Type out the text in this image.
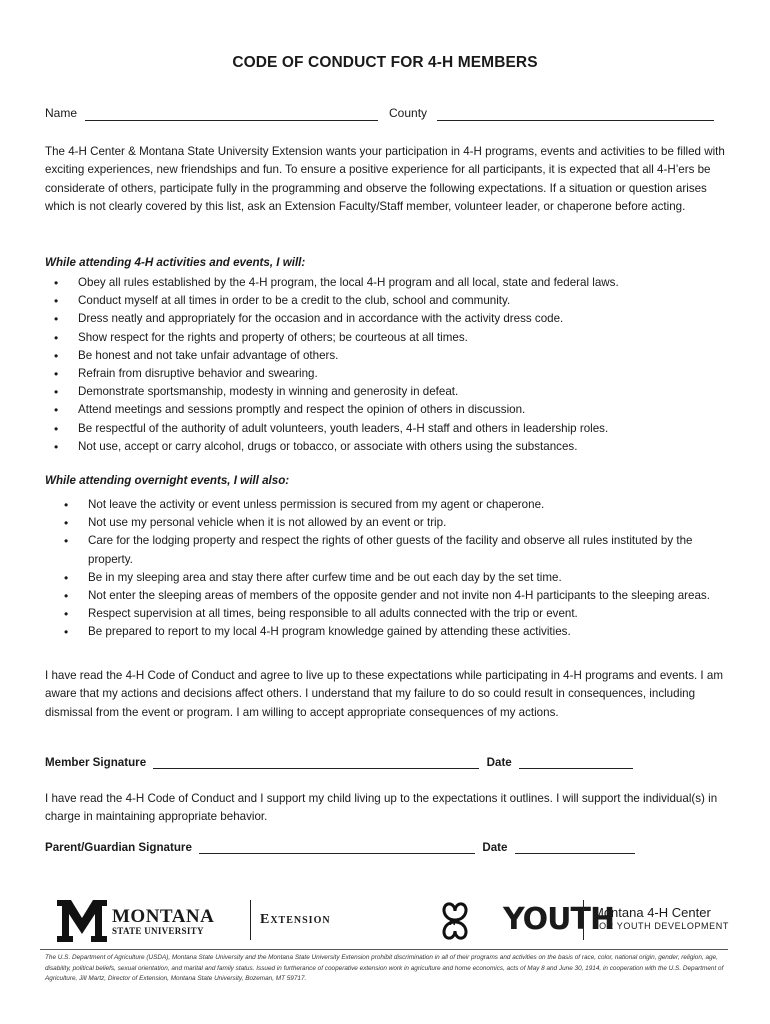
CODE OF CONDUCT FOR 4-H MEMBERS
Name	County
The 4-H Center & Montana State University Extension wants your participation in 4-H programs, events and activities to be filled with exciting experiences, new friendships and fun. To ensure a positive experience for all participants, it is expected that all 4-H’ers be considerate of others, participate fully in the programming and observe the following expectations. If a situation or question arises which is not clearly covered by this list, ask an Extension Faculty/Staff member, volunteer leader, or chaperone before acting.
While attending 4-H activities and events, I will:
• Obey all rules established by the 4-H program, the local 4-H program and all local, state and federal laws.
• Conduct myself at all times in order to be a credit to the club, school and community.
• Dress neatly and appropriately for the occasion and in accordance with the activity dress code.
• Show respect for the rights and property of others; be courteous at all times.
• Be honest and not take unfair advantage of others.
• Refrain from disruptive behavior and swearing.
• Demonstrate sportsmanship, modesty in winning and generosity in defeat.
• Attend meetings and sessions promptly and respect the opinion of others in discussion.
• Be respectful of the authority of adult volunteers, youth leaders, 4-H staff and others in leadership roles.
• Not use, accept or carry alcohol, drugs or tobacco, or associate with others using the substances.
While attending overnight events, I will also:
• Not leave the activity or event unless permission is secured from my agent or chaperone.
• Not use my personal vehicle when it is not allowed by an event or trip.
• Care for the lodging property and respect the rights of other guests of the facility and observe all rules instituted by the property.
• Be in my sleeping area and stay there after curfew time and be out each day by the set time.
• Not enter the sleeping areas of members of the opposite gender and not invite non 4-H participants to the sleeping areas.
• Respect supervision at all times, being responsible to all adults connected with the trip or event.
• Be prepared to report to my local 4-H program knowledge gained by attending these activities.
I have read the 4-H Code of Conduct and agree to live up to these expectations while participating in 4-H programs and events. I am aware that my actions and decisions affect others. I understand that my failure to do so could result in consequences, including dismissal from the event or program. I am willing to accept appropriate consequences of my actions.
Member Signature	Date
I have read the 4-H Code of Conduct and I support my child living up to the expectations it outlines. I will support the individual(s) in charge in maintaining appropriate behavior.
Parent/Guardian Signature	Date
MONTANA
STATE UNIVERSITY
Extension	H YOUTH
Montana 4-H Center
FOR YOUTH DEVELOPMENT
The U.S. Department of Agriculture (USDA), Montana State University and the Montana State University Extension prohibit discrimination in all of their programs and activities on the basis of race, color, national origin, gender, religion, age, disability, political beliefs, sexual orientation, and marital and family status. Issued in furtherance of cooperative extension work in agriculture and home economics, acts of May 8 and June 30, 1914, in cooperation with the U.S. Department of Agriculture, Jill Martz, Director of Extension, Montana State University, Bozeman, MT 59717.
